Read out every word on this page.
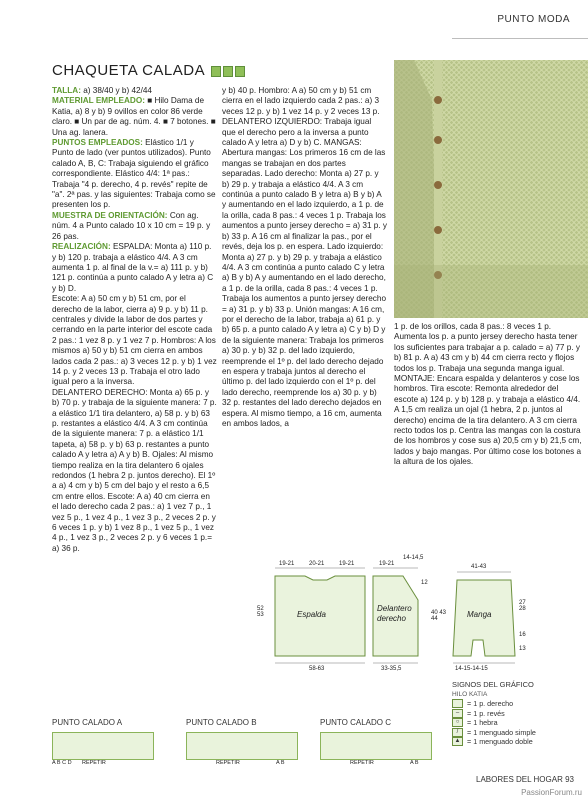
PUNTO MODA
CHAQUETA CALADA

TALLA: a) 38/40 y b) 42/44

MATERIAL EMPLEADO: ■ Hilo Dama de Katia, a) 8 y b) 9 ovillos en color 86 verde claro. ■ Un par de ag. núm. 4. ■ 7 botones. ■ Una ag. lanera.

PUNTOS EMPLEADOS: Elástico 1/1 y Punto de lado (ver puntos utilizados). Punto calado A, B, C: Trabaja siguiendo el gráfico correspondiente. Elástico 4/4: 1ª pas.: Trabaja "4 p. derecho, 4 p. revés" repite de "a". 2ª pas. y las siguientes: Trabaja como se presenten los p.

MUESTRA DE ORIENTACIÓN: Con ag. núm. 4 a Punto calado 10 x 10 cm = 19 p. y 26 pas.

REALIZACIÓN: ESPALDA: Monta a) 110 p. y b) 120 p. trabaja a elástico 4/4. A 3 cm aumenta 1 p. al final de la v.= a) 111 p. y b) 121 p. continúa a punto calado A y letra a) C y b) D.

Escote: A a) 50 cm y b) 51 cm, por el derecho de la labor, cierra a) 9 p. y b) 11 p. centrales y divide la labor de dos partes y cerrando en la parte interior del escote cada 2 pas.: 1 vez 8 p. y 1 vez 7 p. Hombros: A los mismos a) 50 y b) 51 cm cierra en ambos lados cada 2 pas.: a) 3 veces 12 p. y b) 1 vez 14 p. y 2 veces 13 p. Trabaja el otro lado igual pero a la inversa.

DELANTERO DERECHO: Monta a) 65 p. y b) 70 p. y trabaja de la siguiente manera: 7 p. a elástico 1/1 tira delantero, a) 58 p. y b) 63 p. restantes a elástico 4/4. A 3 cm continúa de la siguiente manera: 7 p. a elástico 1/1 tapeta, a) 58 p. y b) 63 p. restantes a punto calado A y letra a) A y b) B. Ojales: Al mismo tiempo realiza en la tira delantero 6 ojales redondos (1 hebra 2 p. juntos derecho). El 1º a a) 4 cm y b) 5 cm del bajo y el resto a 6,5 cm entre ellos. Escote: A a) 40 cm cierra en el lado derecho cada 2 pas.: a) 1 vez 7 p., 1 vez 5 p., 1 vez 4 p., 1 vez 3 p., 2 veces 2 p. y 6 veces 1 p. y b) 1 vez 8 p., 1 vez 5 p., 1 vez 4 p., 1 vez 3 p., 2 veces 2 p. y 6 veces 1 p.= a) 36 p.

y b) 40 p. Hombro: A a) 50 cm y b) 51 cm cierra en el lado izquierdo cada 2 pas.: a) 3 veces 12 p. y b) 1 vez 14 p. y 2 veces 13 p. DELANTERO IZQUIERDO: Trabaja igual que el derecho pero a la inversa a punto calado A y letra a) D y b) C. MANGAS: Abertura mangas: Los primeros 16 cm de las mangas se trabajan en dos partes separadas. Lado derecho: Monta a) 27 p. y b) 29 p. y trabaja a elástico 4/4. A 3 cm continúa a punto calado B y letra a) B y b) A y aumentando en el lado izquierdo, a 1 p. de la orilla, cada 8 pas.: 4 veces 1 p. Trabaja los aumentos a punto jersey derecho = a) 31 p. y b) 33 p. A 16 cm al finalizar la pas., por el revés, deja los p. en espera. Lado izquierdo: Monta a) 27 p. y b) 29 p. y trabaja a elástico 4/4. A 3 cm continúa a punto calado C y letra a) B y b) A y aumentando en el lado derecho, a 1 p. de la orilla, cada 8 pas.: 4 veces 1 p. Trabaja los aumentos a punto jersey derecho = a) 31 p. y b) 33 p. Unión mangas: A 16 cm, por el derecho de la labor, trabaja a) 61 p. y b) 65 p. a punto calado A y letra a) C y b) D y de la siguiente manera: Trabaja los primeros a) 30 p. y b) 32 p. del lado izquierdo, reemprende el 1º p. del lado derecho dejado en espera y trabaja juntos al derecho el último p. del lado izquierdo con el 1º p. del lado derecho, reemprende los a) 30 p. y b) 32 p. restantes del lado derecho dejados en espera. Al mismo tiempo, a 16 cm, aumenta en ambos lados, a
1 p. de los orillos, cada 8 pas.: 8 veces 1 p. Aumenta los p. a punto jersey derecho hasta tener los suficientes para trabajar a p. calado = a) 77 p. y b) 81 p. A a) 43 cm y b) 44 cm cierra recto y flojos todos los p. Trabaja una segunda manga igual. MONTAJE: Encara espalda y delanteros y cose los hombros. Tira escote: Remonta alrededor del escote a) 124 p. y b) 128 p. y trabaja a elástico 4/4. A 1,5 cm realiza un ojal (1 hebra, 2 p. juntos al derecho) encima de la tira delantero. A 3 cm cierra recto todos los p. Centra las mangas con la costura de los hombros y cose sus a) 20,5 cm y b) 21,5 cm, lados y bajo mangas. Por último cose los botones a la altura de los ojales.
Espalda
Delantero derecho	Manga
19-21 20-21 19-21	19-21
14-14,5
41-43
58-63	33-35,5	14-15-14-15
52 53
12
40 43 44
27 28
16
13
PUNTO CALADO A
REPETIR
A B C D
PUNTO CALADO B
REPETIR	A B
PUNTO CALADO C
REPETIR	A B
SIGNOS DEL GRÁFICO
HILO KATIA
= 1 p. derecho
–	= 1 p. revés
○	= 1 hebra
/	= 1 menguado simple
▲ = 1 menguado doble
LABORES DEL HOGAR 93
PassionForum.ru
